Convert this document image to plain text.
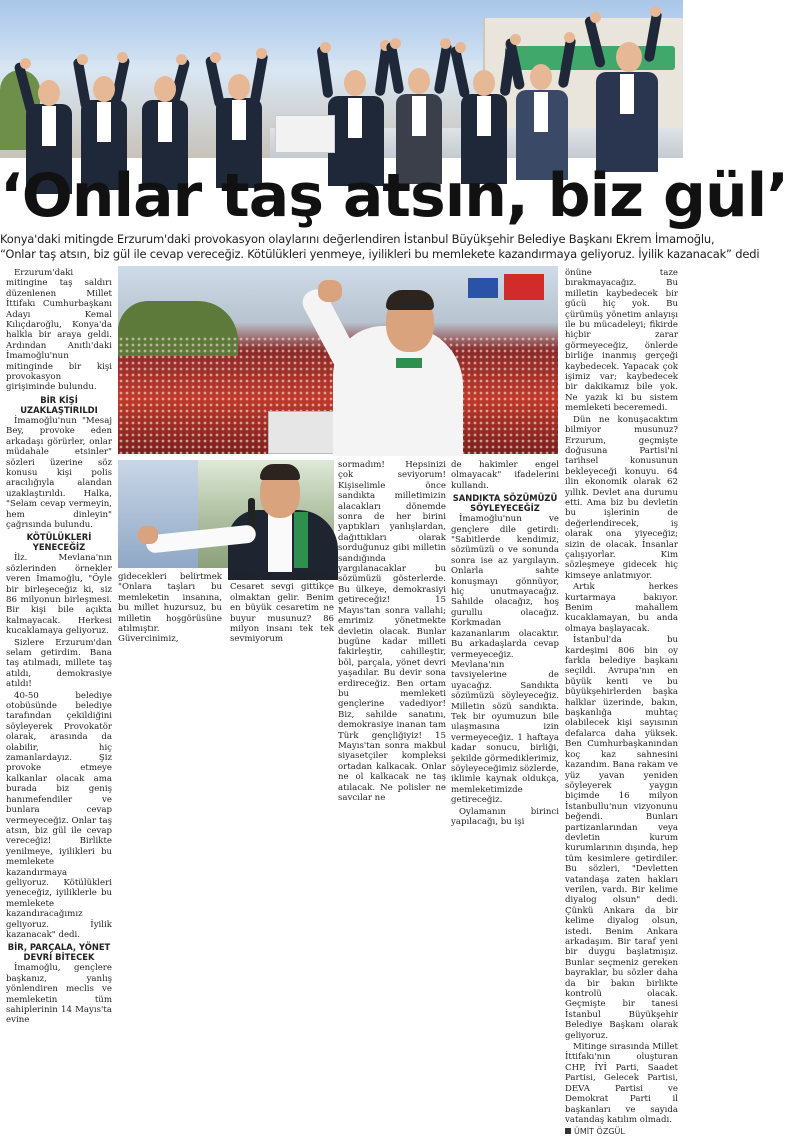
‘Onlar taş atsın, biz gül’
Konya'daki mitingde Erzurum'daki provokasyon olaylarını değerlendiren İstanbul Büyükşehir Belediye Başkanı Ekrem İmamoğlu,
“Onlar taş atsın, biz gül ile cevap vereceğiz. Kötülükleri yenmeye, iyilikleri bu memlekete kazandırmaya geliyoruz. İyilik kazanacak” dedi

Erzurum'daki mitingine taş saldırı düzenlenen Millet İttifakı Cumhurbaşkanı Adayı Kemal Kılıçdaroğlu, Konya'da halkla bir araya geldi. Ardından Anıtlı'daki İmamoğlu'nun mitinginde bir kişi provokasyon girişiminde bulundu.

BİR KİŞİ UZAKLAŞTIRILDI

İmamoğlu'nun "Mesaj Bey, provoke eden arkadaşı görürler, onlar müdahale etsinler" sözleri üzerine söz konusu kişi polis aracılığıyla alandan uzaklaştırıldı. Halka, "Selam cevap vermeyin, hem dinleyin" çağrısında bulundu.

KÖTÜLÜKLERİ YENECEĞİZ

İlz. Mevlana'nın sözlerinden örnekler veren İmamoğlu, "Öyle bir birleşeceğiz ki, siz 86 milyonun birleşmesi. Bir kişi bile açıkta kalmayacak. Herkesi kucaklamaya geliyoruz.

Sizlere Erzurum'dan selam getirdim. Bana taş atılmadı, millete taş atıldı, demokrasiye atıldı!

40-50 belediye otobüsünde belediye tarafından çekildiğini söyleyerek Provokatör olarak, arasında da olabilir, hiç zamanlardayız. Şiz provoke etmeye kalkanlar olacak ama burada biz geniş hanımefendiler ve bunlara cevap vermeyeceğiz. Onlar taş atsın, biz gül ile cevap vereceğiz! Birlikte yenilmeye, iyilikleri bu memlekete kazandırmaya geliyoruz. Kötülükleri yeneceğiz, iyiliklerle bu memlekete kazandıracağımız geliyoruz. İyilik kazanacak" dedi.

BİR, PARÇALA, YÖNET DEVRİ BİTECEK

İmamoğlu, gençlere başkanız, yanlış yönlendiren meclis ve memleketin tüm sahiplerinin 14 Mayıs'ta evine

gidecekleri belirtmek "Onlara taşları bu memleketin insanına, bu millet huzursuz, bu milletin hoşgörüsüne atılmıştır. Güvercinimiz,

sakin korkmayan. Cesaret sevgi gittikçe olmaktan gelir. Benim en büyük cesaretim ne buyur musunuz? 86 milyon insanı tek tek sevmiyorum

sormadım! Hepsinizi çok seviyorum! Kişiselimle önce sandıkta milletimizin alacakları dönemde sonra de her birini yaptıkları yanlışlardan, dağıttıkları olarak sorduğunuz gibi milletin sandığında yargılanacaklar bu sözümüzü gösterlerde. Bu ülkeye, demokrasiyi getireceğiz! 15 Mayıs'tan sonra vallahi; emrimiz yönetmekte devletin olacak. Bunlar bugüne kadar milleti fakirleştir, cahilleştir, böl, parçala, yönet devri yaşadılar. Bu devir sona erdireceğiz. Ben ortam bu memleketi gençlerine vadediyor! Biz, sahilde sanatını, demokrasiye inanan tam Türk gençliğiyiz! 15 Mayıs'tan sonra makbul siyasetçiler kompleksi ortadan kalkacak. Onlar ne ol kalkacak ne taş atılacak. Ne polisler ne savcılar ne

de hakimler engel olmayacak" ifadelerini kullandı.

SANDIKTA SÖZÜMÜZÜ SÖYLEYECEĞİZ

İmamoğlu'nun ve gençlere dile getirdi: "Sabitlerde kendimiz, sözümüzü o ve sonunda sonra ise az yargılayın. Onlarla sahte konuşmayı gönnüyor, hiç unutmayacağız. Sahilde olacağız, hoş gurullu olacağız. Korkmadan kazananlarım olacaktır. Bu arkadaşlarda cevap vermeyeceğiz. Mevlana'nın tavsiyelerine de uyacağız. Sandıkta sözümüzü söyleyeceğiz. Milletin sözü sandıkta. Tek bir oyumuzun bile ulaşmasına izin vermeyeceğiz. 1 haftaya kadar sonucu, birliği, şekilde görmediklerimiz, söyleyeceğimiz sözlerde, iklimle kaynak oldukça, memleketimizde getireceğiz.

Oylamanın birinci yapılacağı, bu işi

önüne taze bırakmayacağız. Bu milletin kaybedecek bir gücü hiç yok. Bu çürümüş yönetim anlayışı ile bu mücadeleyi; fikirde hiçbir zarar görmeyeceğiz, önlerde birliğe inanmış gerçeği kaybedecek. Yapacak çok işimiz var; kaybedecek bir dakikamız bile yok. Ne yazık ki bu sistem memleketi beceremedi.

Dün ne konuşacaktım bilmiyor musunuz? Erzurum, geçmişte doğusuna Partisi'ni tarihsel konusunun bekleyeceği konuyu. 64 ilin ekonomik olarak 62 yıllık. Devlet ana durumu etti. Ama biz bu devletin bu işlerinin de değerlendirecek, iş olarak ona yiyeceğiz; sizin de olacak. İnsanlar çalışıyorlar. Kim sözleşmeye gidecek hiç kimseye anlatmıyor.

Artık herkes kurtarmaya bakıyor. Benim mahallem kucaklamayan, bu anda olmaya başlayacak.

İstanbul'da bu kardeşimi 806 bin oy farkla belediye başkanı seçildi. Avrupa'nın en büyük kenti ve bu büyükşehirlerden başka halklar üzerinde, bakın, başkanlığa muhtaç olabilecek kişi sayısının defalarca daha yüksek. Ben Cumhurbaşkanından koç kaz sahnesini kazandım. Bana rakam ve yüz yavan yeniden söyleyerek yaygın biçimde 16 milyon İstanbullu'nun vizyonunu beğendi. Bunları partizanlarından veya devletin kurum kurumlarının dışında, hep tüm kesimlere getirdiler. Bu sözleri, "Devletten vatandaşa zaten hakları verilen, vardı. Bir kelime diyalog olsun" dedi. Çünkü Ankara da bir kelime diyalog olsun, istedi. Benim Ankara arkadaşım. Bir taraf yeni bir duygu başlatmışız. Bunlar seçmeniz gereken bayraklar, bu sözler daha da bir bakın birlikte kontrolü olacak. Geçmişte bir tanesi İstanbul Büyükşehir Belediye Başkanı olarak geliyoruz.

Mitinge sırasında Millet İttifakı'nın oluşturan CHP, İYİ Parti, Saadet Partisi, Gelecek Partisi, DEVA Partisi ve Demokrat Parti il başkanları ve sayıda vatandaş katılım olmadı.

ÜMİT ÖZGÜL
